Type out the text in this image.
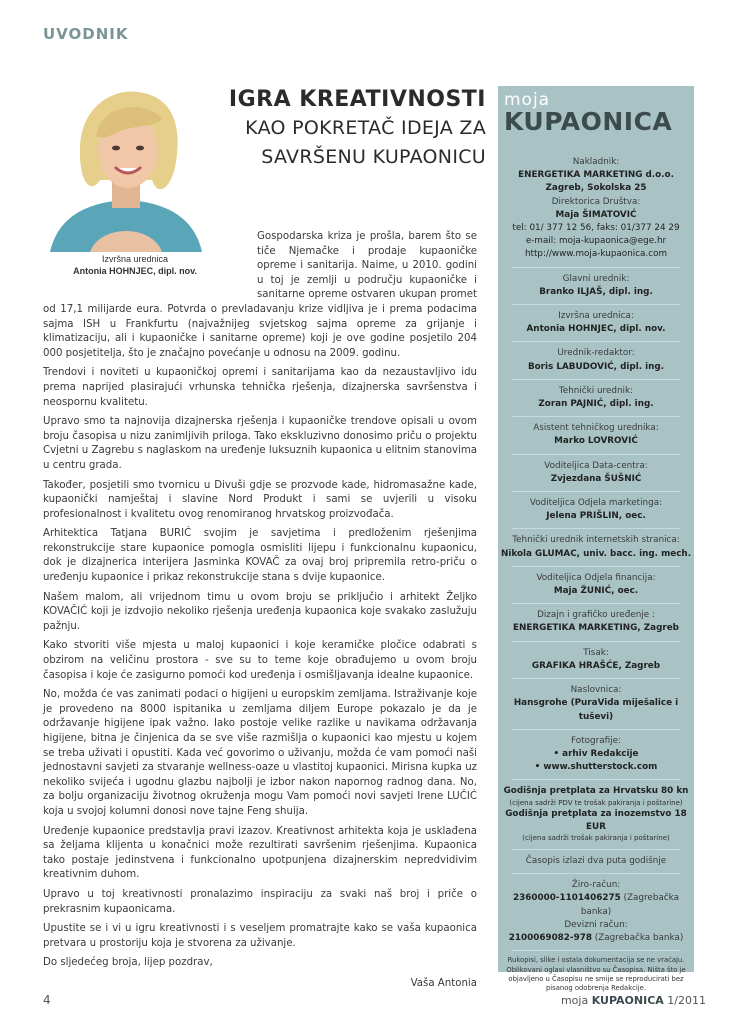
UVODNIK
Izvršna urednica
Antonia HOHNJEC, dipl. nov.
IGRA KREATIVNOSTI
KAO POKRETAČ IDEJA ZA
SAVRŠENU KUPAONICU

Gospodarska kriza je prošla, barem što se tiče Njemačke i prodaje kupaoničke opreme i sanitarija. Naime, u 2010. godini u toj je zemlji u području kupaoničke i sanitarne opreme ostvaren ukupan promet od 17,1 milijarde eura. Potvrda o prevladavanju krize vidljiva je i prema podacima sajma ISH u Frankfurtu (najvažnijeg svjetskog sajma opreme za grijanje i klimatizaciju, ali i kupaoničke i sanitarne opreme) koji je ove godine posjetilo 204 000 posjetitelja, što je značajno povećanje u odnosu na 2009. godinu.

Trendovi i noviteti u kupaoničkoj opremi i sanitarijama kao da nezaustavljivo idu prema naprijed plasirajući vrhunska tehnička rješenja, dizajnerska savršenstva i neospornu kvalitetu.

Upravo smo ta najnovija dizajnerska rješenja i kupaoničke trendove opisali u ovom broju časopisa u nizu zanimljivih priloga. Tako ekskluzivno donosimo priču o projektu Cvjetni u Zagrebu s naglaskom na uređenje luksuznih kupaonica u elitnim stanovima u centru grada.

Također, posjetili smo tvornicu u Divuši gdje se prozvode kade, hidromasažne kade, kupaonički namještaj i slavine Nord Produkt i sami se uvjerili u visoku profesionalnost i kvalitetu ovog renomiranog hrvatskog proizvođača.

Arhitektica Tatjana BURIĆ svojim je savjetima i predloženim rješenjima rekonstrukcije stare kupaonice pomogla osmisliti lijepu i funkcionalnu kupaonicu, dok je dizajnerica interijera Jasminka KOVAČ za ovaj broj pripremila retro-priču o uređenju kupaonice i prikaz rekonstrukcije stana s dvije kupaonice.

Našem malom, ali vrijednom timu u ovom broju se priključio i arhitekt Željko KOVAČIĆ koji je izdvojio nekoliko rješenja uređenja kupaonica koje svakako zaslužuju pažnju.

Kako stvoriti više mjesta u maloj kupaonici i koje keramičke pločice odabrati s obzirom na veličinu prostora - sve su to teme koje obrađujemo u ovom broju časopisa i koje će zasigurno pomoći kod uređenja i osmišljavanja idealne kupaonice.

No, možda će vas zanimati podaci o higijeni u europskim zemljama. Istraživanje koje je provedeno na 8000 ispitanika u zemljama diljem Europe pokazalo je da je održavanje higijene ipak važno. Iako postoje velike razlike u navikama održavanja higijene, bitna je činjenica da se sve više razmišlja o kupaonici kao mjestu u kojem se treba uživati i opustiti. Kada već govorimo o uživanju, možda će vam pomoći naši jednostavni savjeti za stvaranje wellness-oaze u vlastitoj kupaonici. Mirisna kupka uz nekoliko svijeća i ugodnu glazbu najbolji je izbor nakon napornog radnog dana. No, za bolju organizaciju životnog okruženja mogu Vam pomoći novi savjeti Irene LUČIĆ koja u svojoj kolumni donosi nove tajne Feng shuija.

Uređenje kupaonice predstavlja pravi izazov. Kreativnost arhitekta koja je usklađena sa željama klijenta u konačnici može rezultirati savršenim rješenjima. Kupaonica tako postaje jedinstvena i funkcionalno upotpunjena dizajnerskim nepredvidivim kreativnim duhom.

Upravo u toj kreativnosti pronalazimo inspiraciju za svaki naš broj i priče o prekrasnim kupaonicama.

Upustite se i vi u igru kreativnosti i s veseljem promatrajte kako se vaša kupaonica pretvara u prostoriju koja je stvorena za uživanje.

Do sljedećeg broja, lijep pozdrav,

Vaša Antonia
moja
KUPAONICA
Nakladnik:
ENERGETIKA MARKETING d.o.o.
Zagreb, Sokolska 25
Direktorica Društva:
Maja ŠIMATOVIĆ
tel: 01/ 377 12 56, faks: 01/377 24 29
e-mail: moja-kupaonica@ege.hr
http://www.moja-kupaonica.com
Glavni urednik:
Branko ILJAŠ, dipl. ing.
Izvršna urednica:
Antonia HOHNJEC, dipl. nov.
Urednik-redaktor:
Boris LABUDOVIĆ, dipl. ing.
Tehnički urednik:
Zoran PAJNIĆ, dipl. ing.
Asistent tehničkog urednika:
Marko LOVROVIĆ
Voditeljica Data-centra:
Zvjezdana ŠUŠNIĆ
Voditeljica Odjela marketinga:
Jelena PRIŠLIN, oec.
Tehnički urednik internetskih stranica:
Nikola GLUMAC, univ. bacc. ing. mech.
Voditeljica Odjela financija:
Maja ŽUNIĆ, oec.
Dizajn i grafičko uređenje :
ENERGETIKA MARKETING, Zagreb
Tisak:
GRAFIKA HRAŠĆE, Zagreb
Naslovnica:
Hansgrohe (PuraVida miješalice i tuševi)
Fotografije:
• arhiv Redakcije
• www.shutterstock.com
Godišnja pretplata za Hrvatsku 80 kn
(cijena sadrži PDV te trošak pakiranja i poštarine)
Godišnja pretplata za inozemstvo 18 EUR
(cijena sadrži trošak pakiranja i poštarine)
Časopis izlazi dva puta godišnje
Žiro-račun:
2360000-1101406275 (Zagrebačka banka)
Devizni račun:
2100069082-978 (Zagrebačka banka)
Rukopisi, slike i ostala dokumentacija se ne vraćaju. Oblikovani oglasi vlasništvo su Časopisa. Ništa što je objavljeno u Časopisu ne smije se reproducirati bez pisanog odobrenja Redakcije.
4	moja KUPAONICA 1/2011
